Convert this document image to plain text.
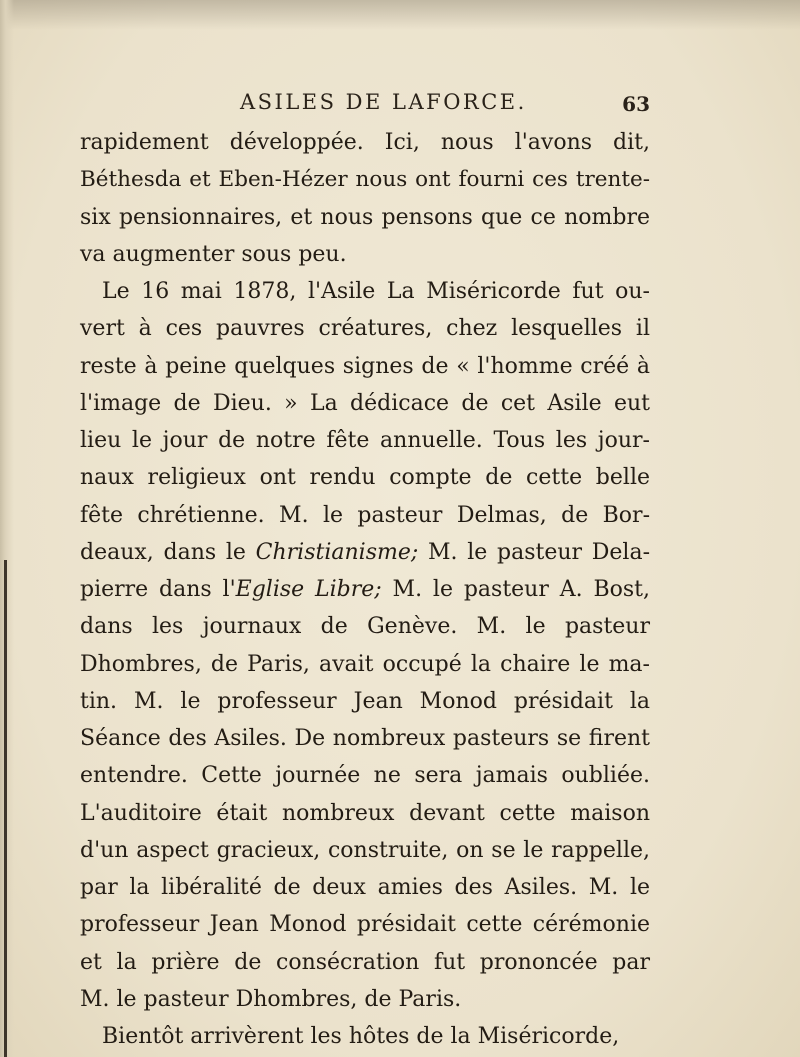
ASILES DE LAFORCE.	63
rapidement développée. Ici, nous l'avons dit,
Béthesda et Eben-Hézer nous ont fourni ces trente-
six pensionnaires, et nous pensons que ce nombre
va augmenter sous peu.
Le 16 mai 1878, l'Asile La Miséricorde fut ou-
vert à ces pauvres créatures, chez lesquelles il
reste à peine quelques signes de « l'homme créé à
l'image de Dieu. » La dédicace de cet Asile eut
lieu le jour de notre fête annuelle. Tous les jour-
naux religieux ont rendu compte de cette belle
fête chrétienne. M. le pasteur Delmas, de Bor-
deaux, dans le Christianisme; M. le pasteur Dela-
pierre dans l'Eglise Libre; M. le pasteur A. Bost,
dans les journaux de Genève. M. le pasteur
Dhombres, de Paris, avait occupé la chaire le ma-
tin. M. le professeur Jean Monod présidait la
Séance des Asiles. De nombreux pasteurs se firent
entendre. Cette journée ne sera jamais oubliée.
L'auditoire était nombreux devant cette maison
d'un aspect gracieux, construite, on se le rappelle,
par la libéralité de deux amies des Asiles. M. le
professeur Jean Monod présidait cette cérémonie
et la prière de consécration fut prononcée par
M. le pasteur Dhombres, de Paris.
Bientôt arrivèrent les hôtes de la Miséricorde,
